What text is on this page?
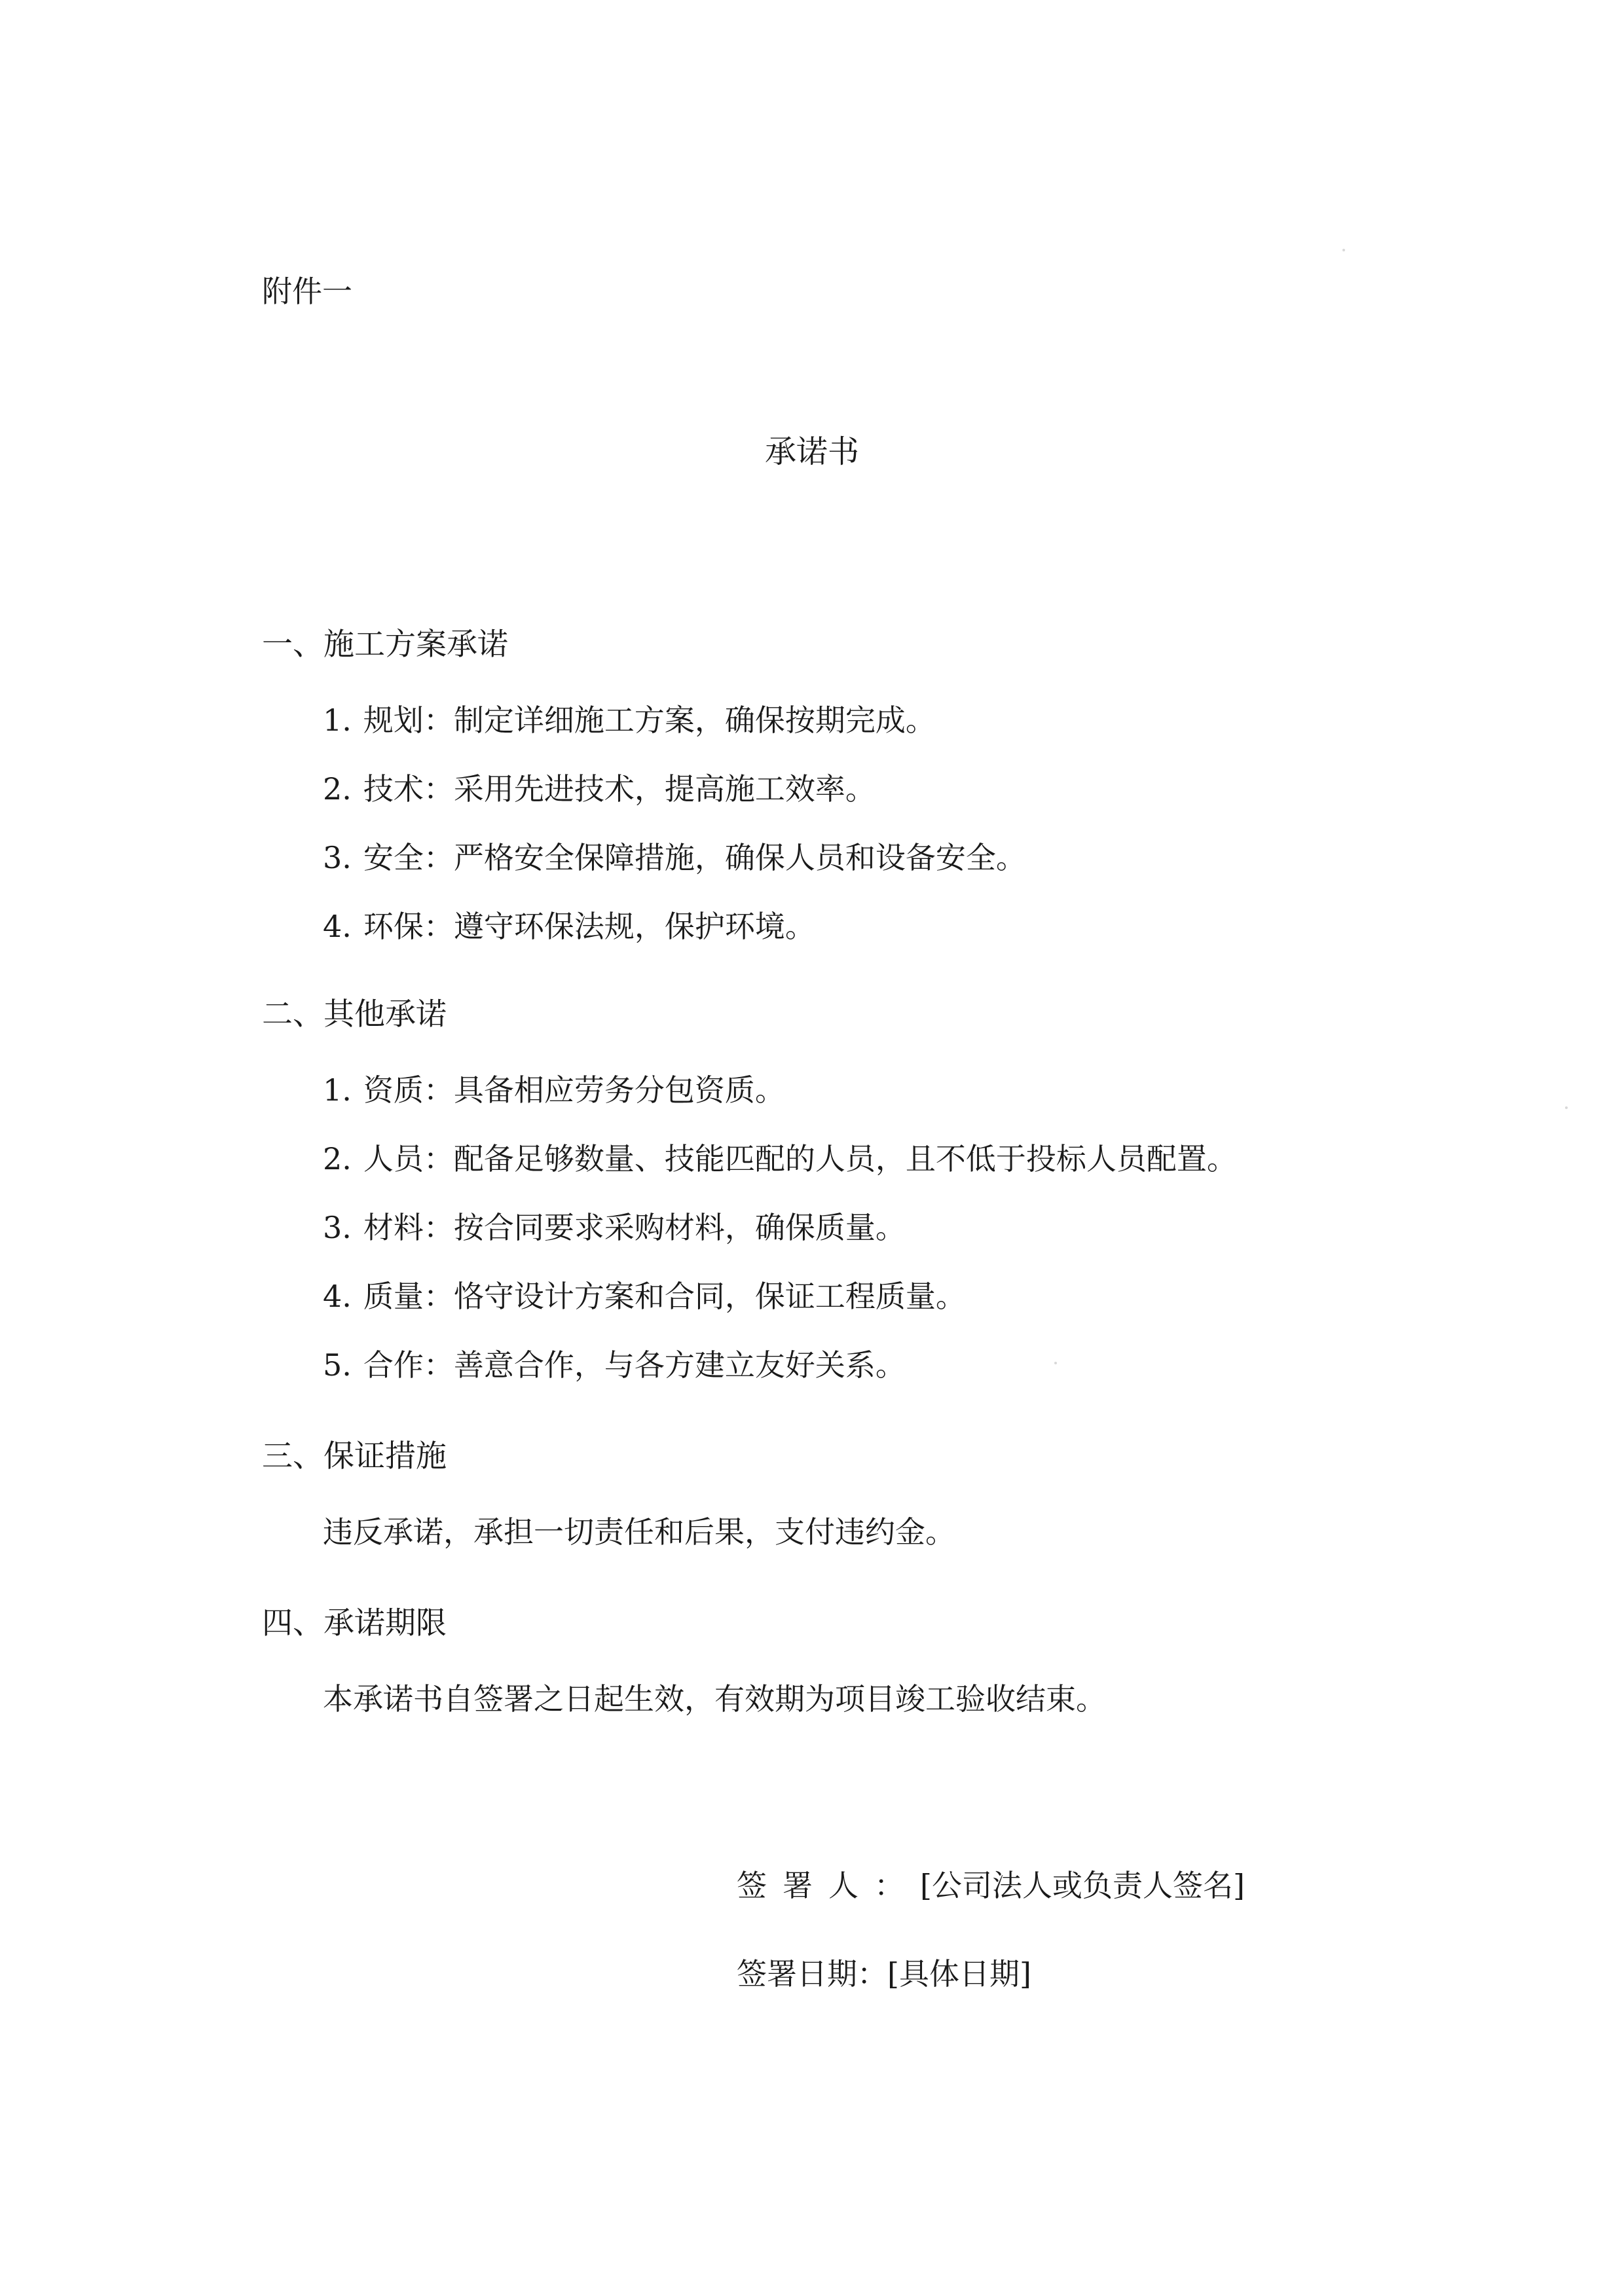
附件一
承诺书
一、施工方案承诺
1. 规划：制定详细施工方案，确保按期完成。
2. 技术：采用先进技术，提高施工效率。
3. 安全：严格安全保障措施，确保人员和设备安全。
4. 环保：遵守环保法规，保护环境。
二、其他承诺
1. 资质：具备相应劳务分包资质。
2. 人员：配备足够数量、技能匹配的人员，且不低于投标人员配置。
3. 材料：按合同要求采购材料，确保质量。
4. 质量：恪守设计方案和合同，保证工程质量。
5. 合作：善意合作，与各方建立友好关系。
三、保证措施
违反承诺，承担一切责任和后果，支付违约金。
四、承诺期限
本承诺书自签署之日起生效，有效期为项目竣工验收结束。
签署人：[公司法人或负责人签名]
签署日期：[具体日期]
